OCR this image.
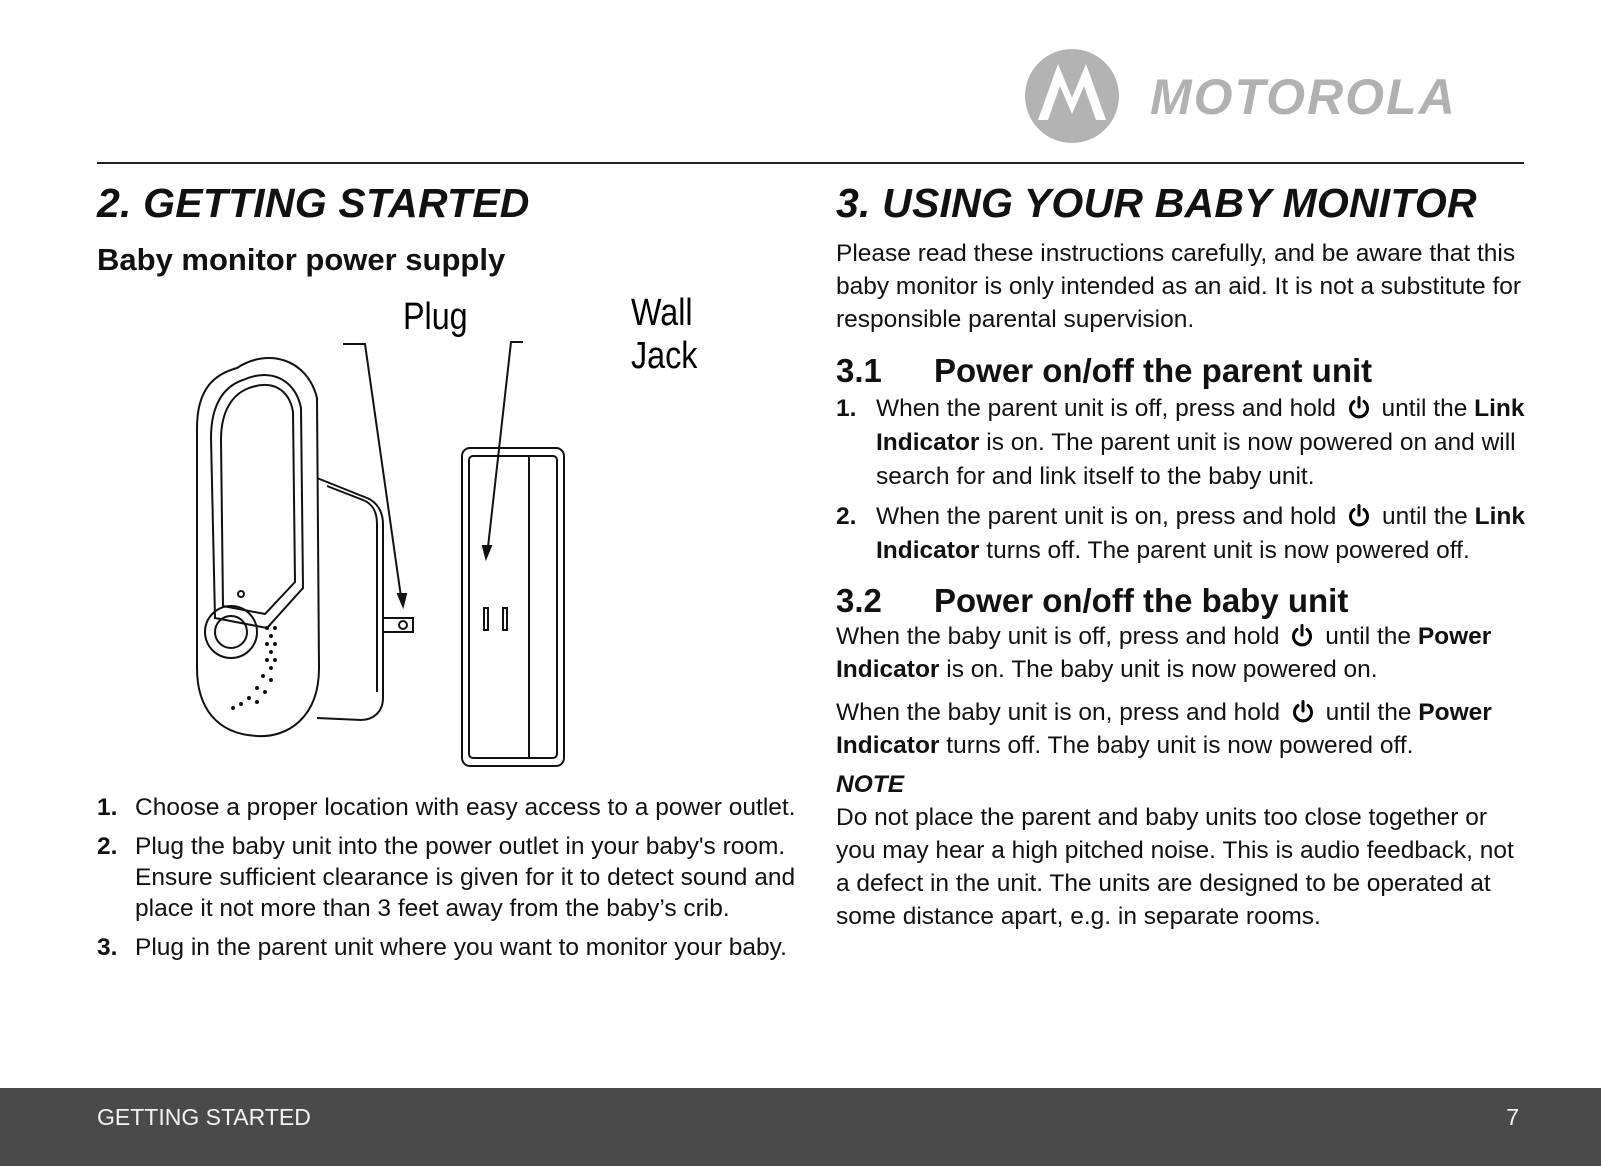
MOTOROLA
2. GETTING STARTED
Baby monitor power supply
Plug	Wall Jack
1. Choose a proper location with easy access to a power outlet.
2. Plug the baby unit into the power outlet in your baby's room. Ensure sufficient clearance is given for it to detect sound and place it not more than 3 feet away from the baby’s crib.
3. Plug in the parent unit where you want to monitor your baby.
3. USING YOUR BABY MONITOR
Please read these instructions carefully, and be aware that this baby monitor is only intended as an aid. It is not a substitute for responsible parental supervision.
3.1	Power on/off the parent unit
1. When the parent unit is off, press and hold until the Link Indicator is on. The parent unit is now powered on and will search for and link itself to the baby unit.
2. When the parent unit is on, press and hold until the Link Indicator turns off. The parent unit is now powered off.
3.2	Power on/off the baby unit
When the baby unit is off, press and hold until the Power Indicator is on. The baby unit is now powered on.
When the baby unit is on, press and hold until the Power Indicator turns off. The baby unit is now powered off.
NOTE
Do not place the parent and baby units too close together or you may hear a high pitched noise. This is audio feedback, not a defect in the unit. The units are designed to be operated at some distance apart, e.g. in separate rooms.
GETTING STARTED	7
